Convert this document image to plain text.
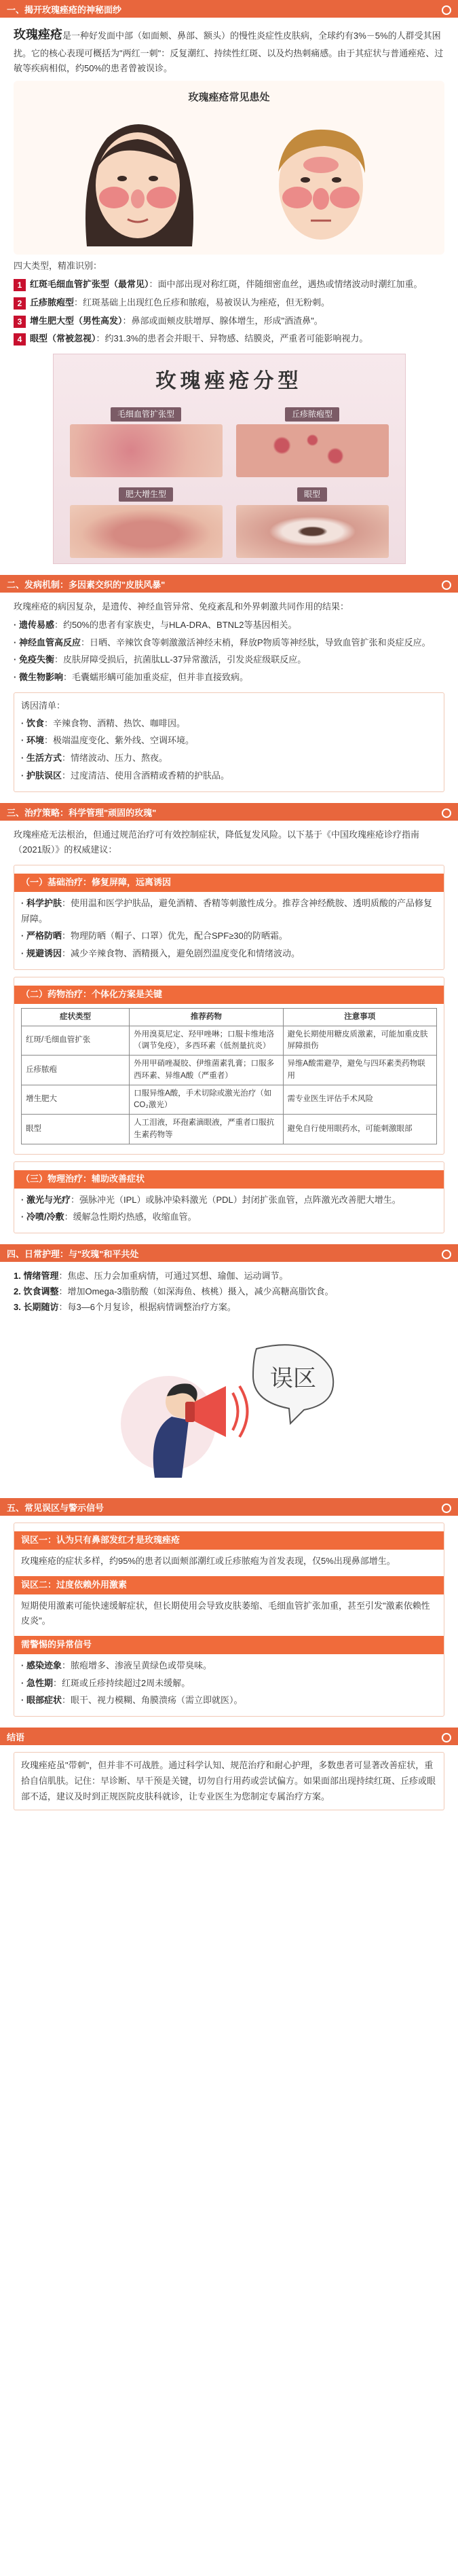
一、揭开玫瑰痤疮的神秘面纱

玫瑰痤疮是一种好发面中部（如面颊、鼻部、额头）的慢性炎症性皮肤病，全球约有3%－5%的人群受其困扰。它的核心表现可概括为"两红一刺"：反复潮红、持续性红斑、以及灼热刺痛感。由于其症状与普通痤疮、过敏等疾病相似，约50%的患者曾被误诊。

玫瑰痤疮常见患处

四大类型，精准识别：

1 红斑毛细血管扩张型（最常见）：面中部出现对称红斑，伴随细密血丝，遇热或情绪波动时潮红加重。
2 丘疹脓疱型：红斑基础上出现红色丘疹和脓疱，易被误认为痤疮，但无粉刺。
3 增生肥大型（男性高发）：鼻部或面颊皮肤增厚、腺体增生，形成"酒渣鼻"。
4 眼型（常被忽视）：约31.3%的患者会并眼干、异物感、结膜炎，严重者可能影响视力。
玫瑰痤疮分型
毛细血管扩张型	丘疹脓疱型
肥大增生型	眼型
二、发病机制：多因素交织的"皮肤风暴"

玫瑰痤疮的病因复杂，是遗传、神经血管异常、免疫紊乱和外界刺激共同作用的结果：

· 遗传易感：约50%的患者有家族史，与HLA-DRA、BTNL2等基因相关。
· 神经血管高反应：日晒、辛辣饮食等刺激激活神经末梢，释放P物质等神经肽，导致血管扩张和炎症反应。
· 免疫失衡：皮肤屏障受损后，抗菌肽LL-37异常激活，引发炎症级联反应。
· 微生物影响：毛囊蠕形螨可能加重炎症，但并非直接致病。

诱因清单：

· 饮食：辛辣食物、酒精、热饮、咖啡因。
· 环境：极端温度变化、紫外线、空调环境。
· 生活方式：情绪波动、压力、熬夜。
· 护肤误区：过度清洁、使用含酒精或香精的护肤品。
三、治疗策略：科学管理"顽固的玫瑰"

玫瑰痤疮无法根治，但通过规范治疗可有效控制症状，降低复发风险。以下基于《中国玫瑰痤疮诊疗指南（2021版）》的权威建议：

（一）基础治疗：修复屏障，远离诱因
· 科学护肤：使用温和医学护肤品，避免酒精、香精等刺激性成分。推荐含神经酰胺、透明质酸的产品修复屏障。
· 严格防晒：物理防晒（帽子、口罩）优先，配合SPF≥30的防晒霜。
· 规避诱因：减少辛辣食物、酒精摄入，避免剧烈温度变化和情绪波动。
（二）药物治疗：个体化方案是关键
症状类型	推荐药物	注意事项
红斑/毛细血管扩张	外用溴莫尼定、羟甲唑啉；口服卡维地洛（调节免疫），多西环素（低剂量抗炎）	避免长期使用糖皮质激素，可能加重皮肤屏障损伤
丘疹脓疱	外用甲硝唑凝胶、伊维菌素乳膏；口服多西环素、异维A酸（严重者）	异维A酸需避孕，避免与四环素类药物联用
增生肥大	口服异维A酸，手术切除或激光治疗（如CO₂激光）	需专业医生评估手术风险
眼型	人工泪液，环孢素滴眼液，严重者口服抗生素药物等	避免自行使用眼药水，可能刺激眼部
（三）物理治疗：辅助改善症状
· 激光与光疗：强脉冲光（IPL）或脉冲染料激光（PDL）封闭扩张血管，点阵激光改善肥大增生。
· 冷喷/冷敷：缓解急性期灼热感，收缩血管。
四、日常护理：与"玫瑰"和平共处

1. 情绪管理：焦虑、压力会加重病情，可通过冥想、瑜伽、运动调节。

2. 饮食调整：增加Omega-3脂肪酸（如深海鱼、核桃）摄入，减少高糖高脂饮食。

3. 长期随访：每3—6个月复诊，根据病情调整治疗方案。

误区
五、常见误区与警示信号
误区一：认为只有鼻部发红才是玫瑰痤疮

玫瑰痤疮的症状多样，约95%的患者以面颊部潮红或丘疹脓疱为首发表现，仅5%出现鼻部增生。

误区二：过度依赖外用激素

短期使用激素可能快速缓解症状，但长期使用会导致皮肤萎缩、毛细血管扩张加重，甚至引发"激素依赖性皮炎"。

需警惕的异常信号
· 感染迹象：脓疱增多、渗液呈黄绿色或带臭味。
· 急性期：红斑或丘疹持续超过2周未缓解。
· 眼部症状：眼干、视力模糊、角膜溃疡（需立即就医）。
结语

玫瑰痤疮虽"带刺"，但并非不可战胜。通过科学认知、规范治疗和耐心护理，多数患者可显著改善症状，重拾自信肌肤。记住：早诊断、早干预是关键，切勿自行用药或尝试偏方。如果面部出现持续红斑、丘疹或眼部不适，建议及时到正规医院皮肤科就诊，让专业医生为您制定专属治疗方案。
